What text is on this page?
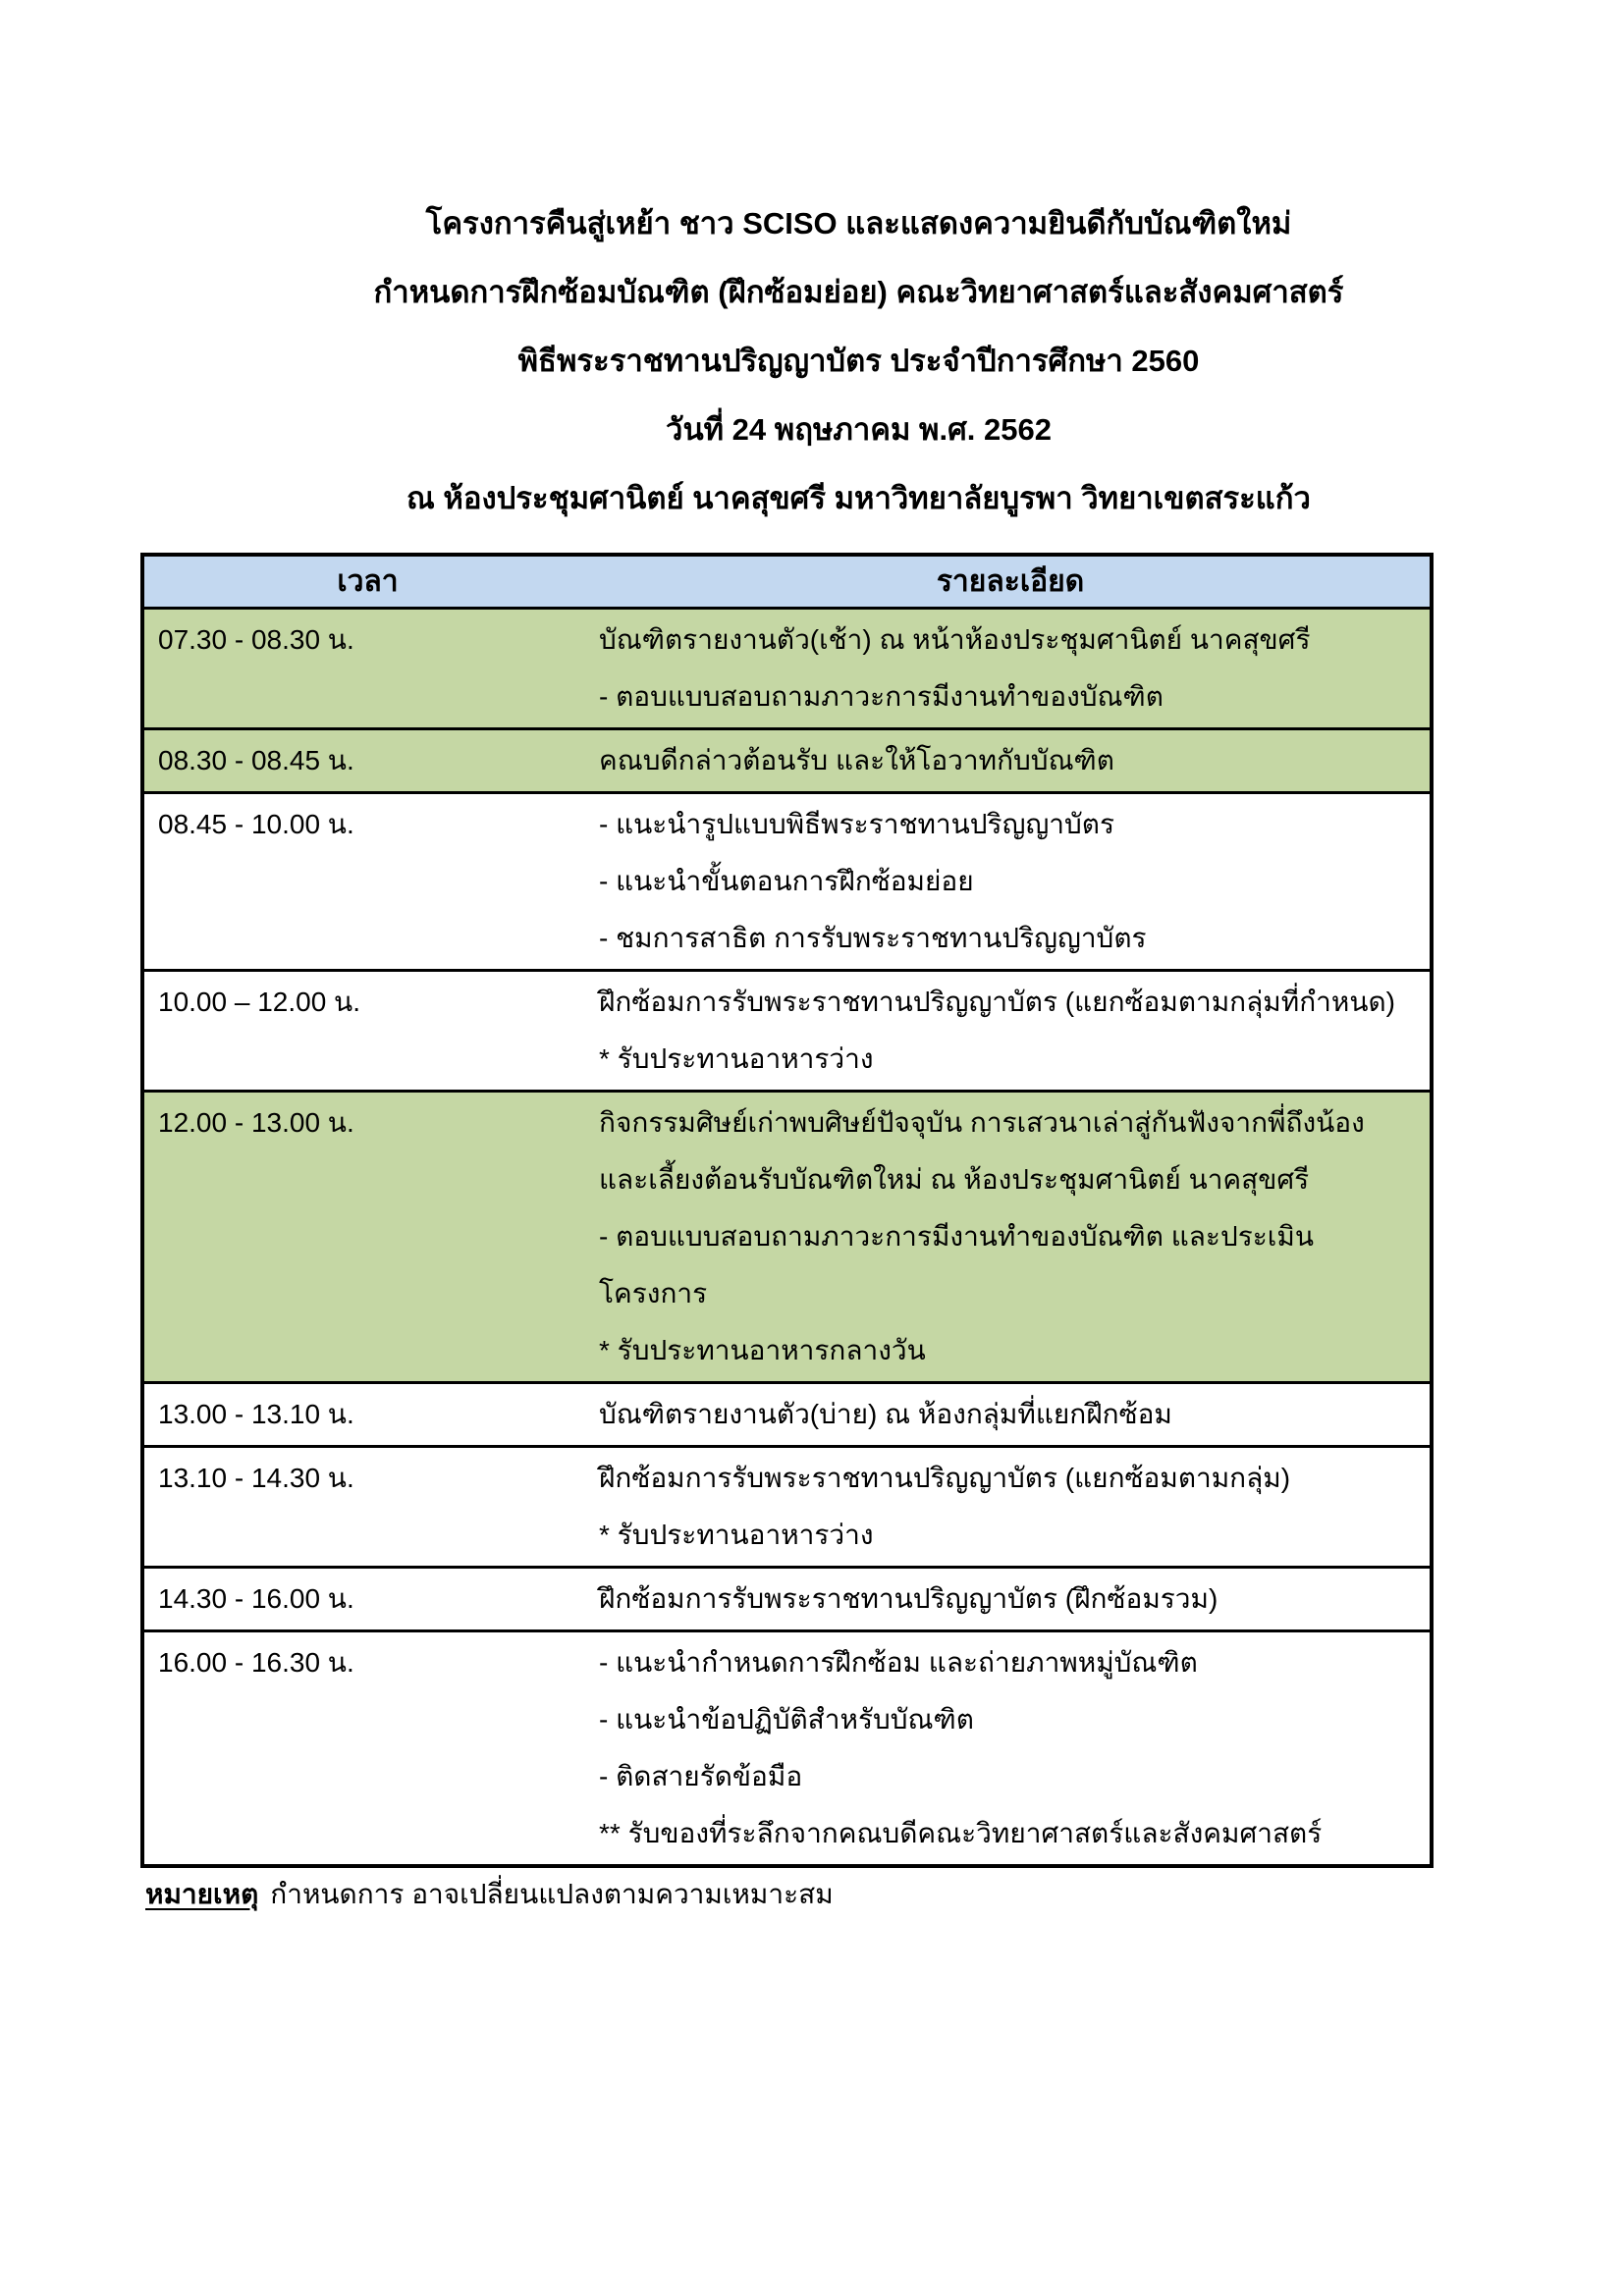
โครงการคืนสู่เหย้า ชาว SCISO และแสดงความยินดีกับบัณฑิตใหม่
กำหนดการฝึกซ้อมบัณฑิต (ฝึกซ้อมย่อย) คณะวิทยาศาสตร์และสังคมศาสตร์
พิธีพระราชทานปริญญาบัตร ประจำปีการศึกษา 2560
วันที่ 24 พฤษภาคม พ.ศ. 2562
ณ ห้องประชุมศานิตย์ นาคสุขศรี มหาวิทยาลัยบูรพา วิทยาเขตสระแก้ว
เวลา	รายละเอียด
07.30 - 08.30 น.	บัณฑิตรายงานตัว(เช้า) ณ หน้าห้องประชุมศานิตย์ นาคสุขศรี
- ตอบแบบสอบถามภาวะการมีงานทำของบัณฑิต

08.30 - 08.45 น.	คณบดีกล่าวต้อนรับ และให้โอวาทกับบัณฑิต

08.45 - 10.00 น.	- แนะนำรูปแบบพิธีพระราชทานปริญญาบัตร
- แนะนำขั้นตอนการฝึกซ้อมย่อย
- ชมการสาธิต การรับพระราชทานปริญญาบัตร

10.00 – 12.00 น.	ฝึกซ้อมการรับพระราชทานปริญญาบัตร (แยกซ้อมตามกลุ่มที่กำหนด)
* รับประทานอาหารว่าง

12.00 - 13.00 น.	กิจกรรมศิษย์เก่าพบศิษย์ปัจจุบัน การเสวนาเล่าสู่กันฟังจากพี่ถึงน้อง
และเลี้ยงต้อนรับบัณฑิตใหม่ ณ ห้องประชุมศานิตย์ นาคสุขศรี
- ตอบแบบสอบถามภาวะการมีงานทำของบัณฑิต และประเมินโครงการ
* รับประทานอาหารกลางวัน

13.00 - 13.10 น.	บัณฑิตรายงานตัว(บ่าย) ณ ห้องกลุ่มที่แยกฝึกซ้อม

13.10 - 14.30 น.	ฝึกซ้อมการรับพระราชทานปริญญาบัตร (แยกซ้อมตามกลุ่ม)
* รับประทานอาหารว่าง

14.30 - 16.00 น.	ฝึกซ้อมการรับพระราชทานปริญญาบัตร (ฝึกซ้อมรวม)

16.00 - 16.30 น.	- แนะนำกำหนดการฝึกซ้อม และถ่ายภาพหมู่บัณฑิต
- แนะนำข้อปฏิบัติสำหรับบัณฑิต
- ติดสายรัดข้อมือ
** รับของที่ระลึกจากคณบดีคณะวิทยาศาสตร์และสังคมศาสตร์
หมายเหตุ กำหนดการ อาจเปลี่ยนแปลงตามความเหมาะสม
